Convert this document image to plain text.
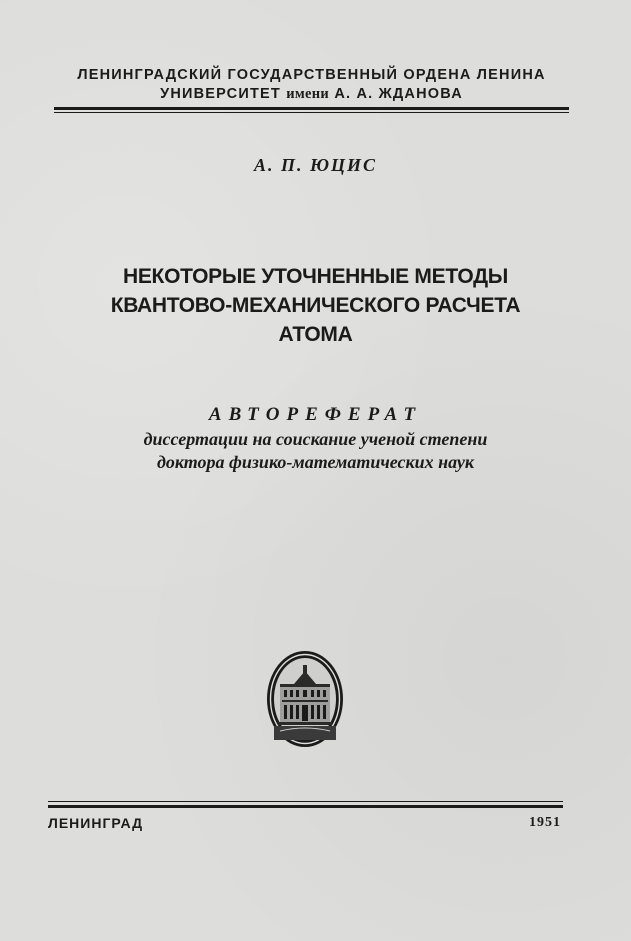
ЛЕНИНГРАДСКИЙ ГОСУДАРСТВЕННЫЙ ОРДЕНА ЛЕНИНА
УНИВЕРСИТЕТ имени А. А. ЖДАНОВА
А. П. ЮЦИС
НЕКОТОРЫЕ УТОЧНЕННЫЕ МЕТОДЫ
КВАНТОВО-МЕХАНИЧЕСКОГО РАСЧЕТА
АТОМА
АВТОРЕФЕРАТ
диссертации на соискание ученой степени
доктора физико-математических наук
ЛЕНИНГРАД	1951
